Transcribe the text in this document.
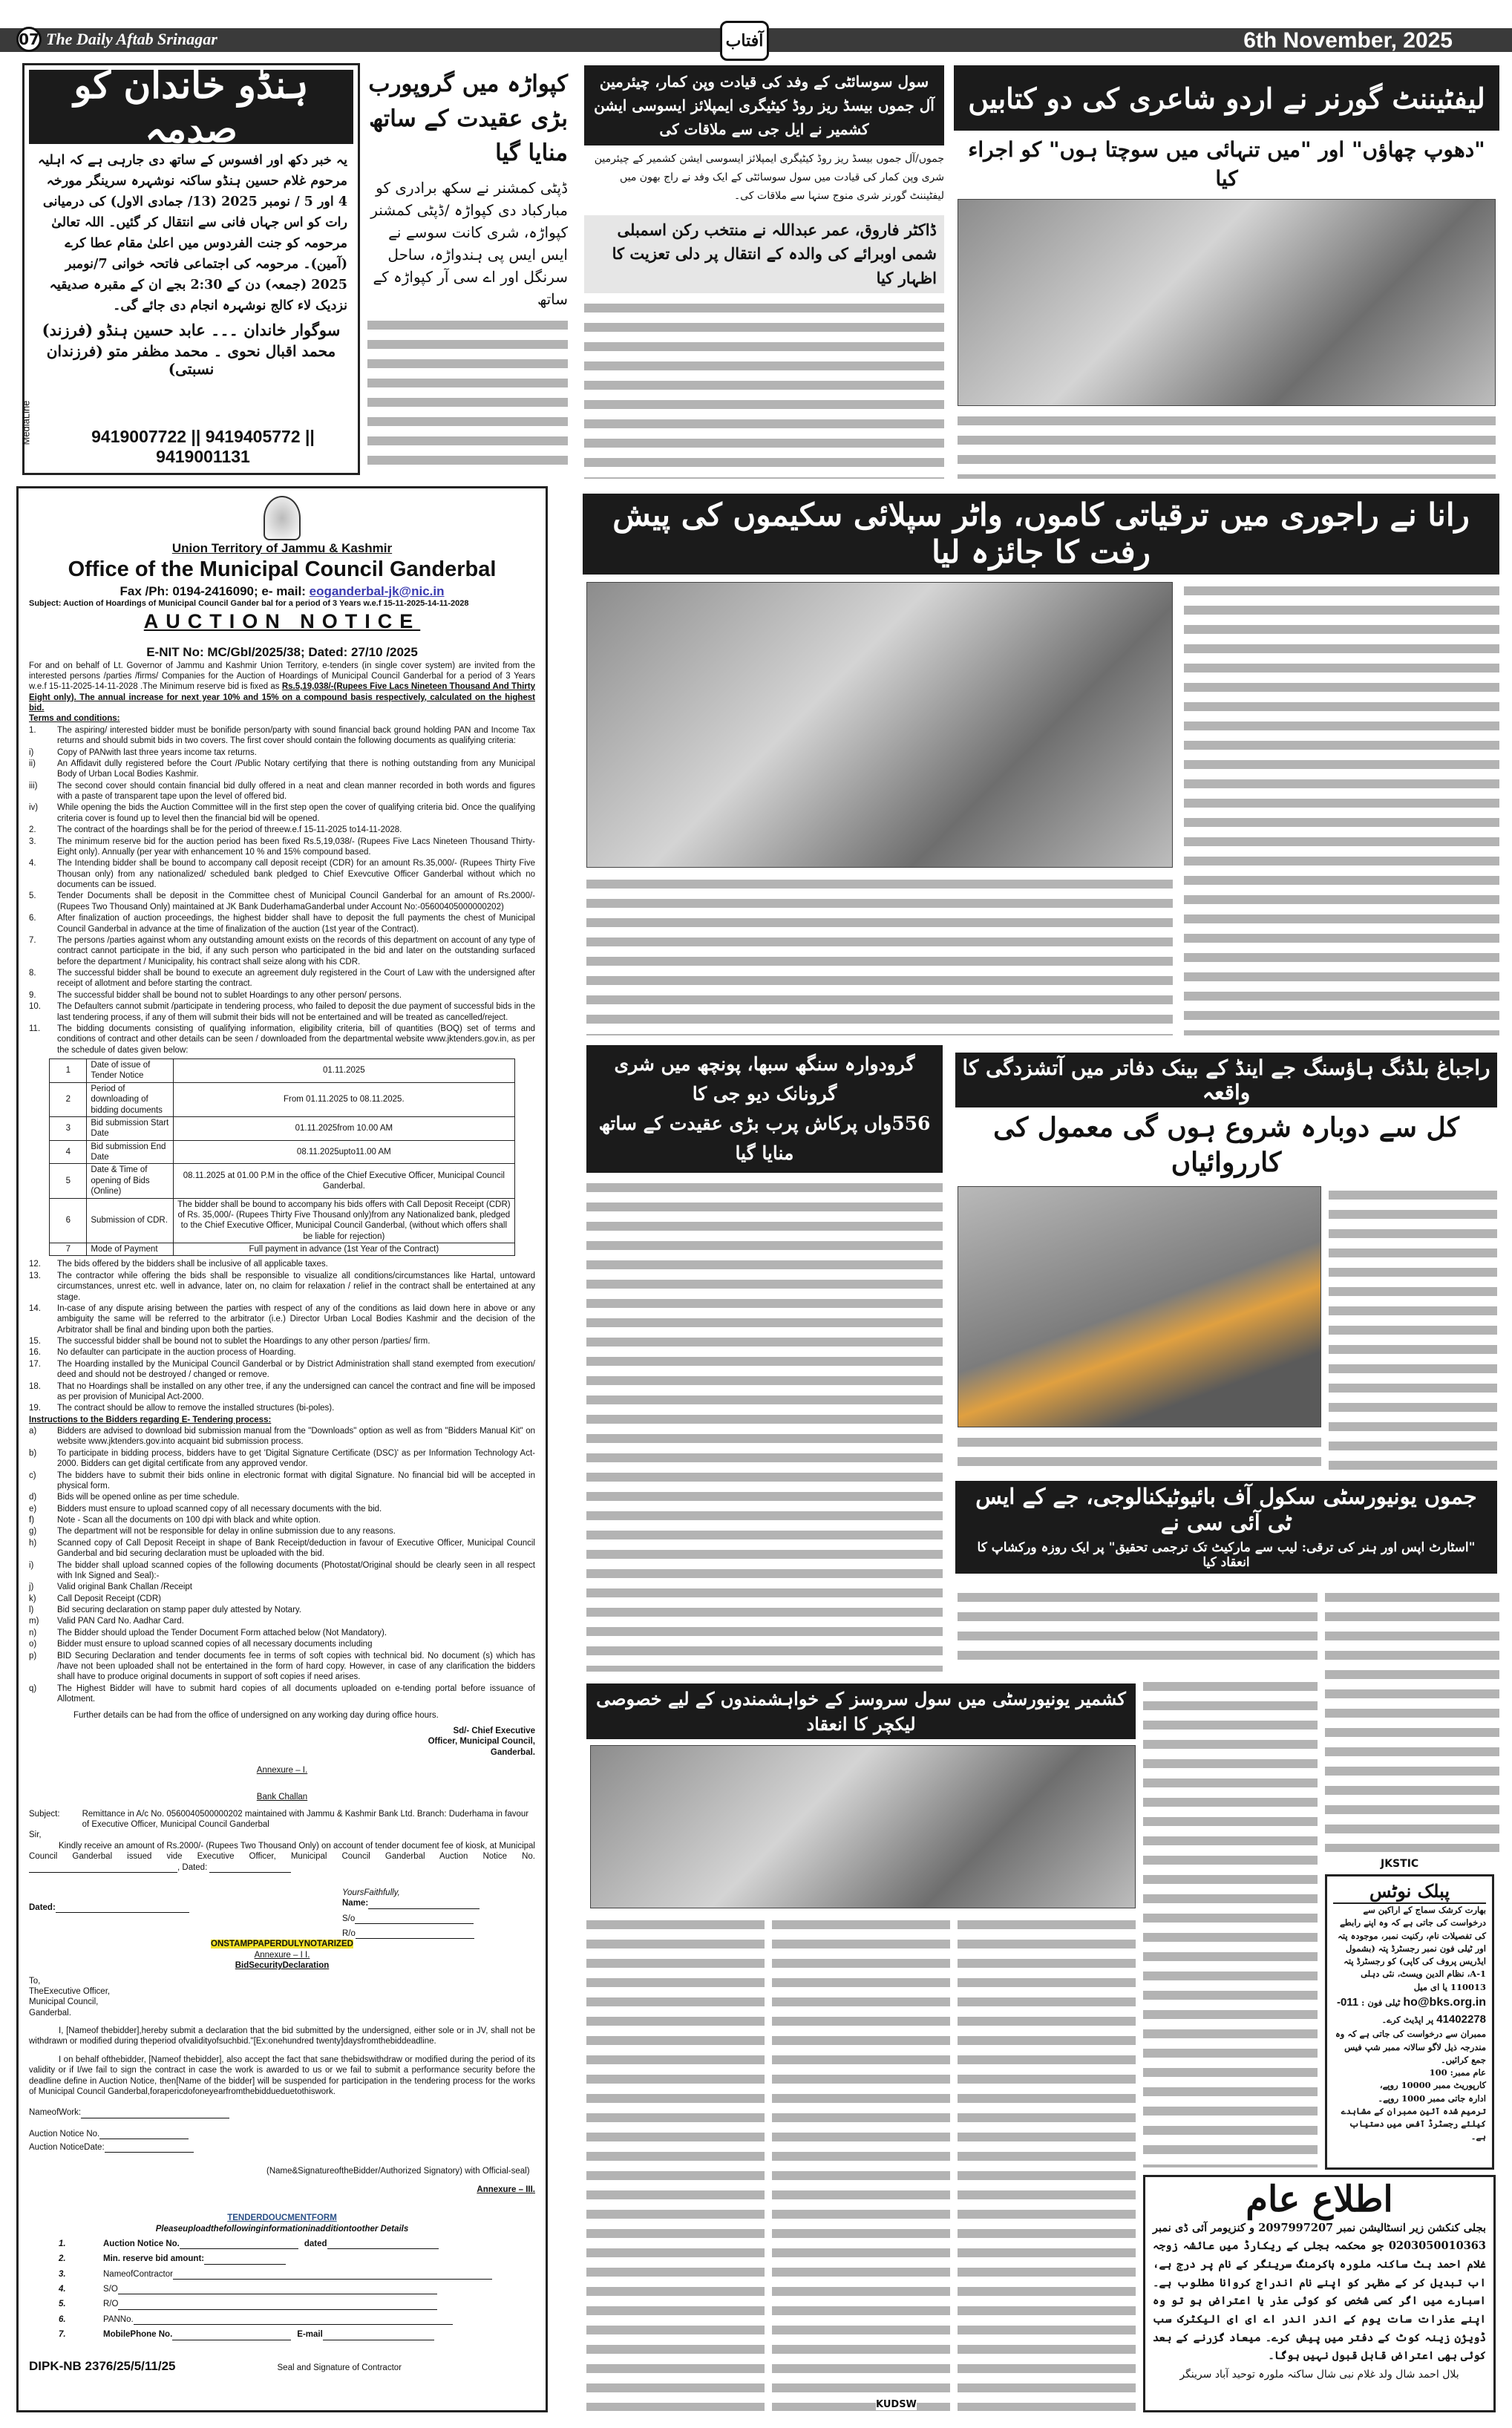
07 The Daily Aftab Srinagar	آفتاب	6th November, 2025
ہنڈو خاندان کو صدمہ
یہ خبر دکھ اور افسوس کے ساتھ دی جارہی ہے کہ اہلیہ مرحوم غلام حسین ہنڈو ساکنہ نوشہرہ سرینگر مورخہ 4 اور 5 / نومبر 2025 (13/ جمادی الاول) کی درمیانی رات کو اس جہاں فانی سے انتقال کر گئیں۔ اللہ تعالیٰ مرحومہ کو جنت الفردوس میں اعلیٰ مقام عطا کرے (آمین)۔ مرحومہ کی اجتماعی فاتحہ خوانی 7/نومبر 2025 (جمعہ) دن کے 2:30 بجے ان کے مقبرہ صدیقیہ نزدیک لاء کالج نوشہرہ انجام دی جائے گی۔
سوگوار خاندان ۔۔۔ عابد حسین ہنڈو (فرزند)
محمد اقبال نحوی ۔ محمد مظفر متو (فرزندان نسبتی)
9419007722 || 9419405772 || 9419001131
MediaLine
کپواڑہ میں گروپورب بڑی عقیدت کے ساتھ منایا گیا
ڈپٹی کمشنر نے سکھ برادری کو مبارکباد دی کپواڑہ /ڈپٹی کمشنر کپواڑہ، شری کانت سوسے نے ایس ایس پی ہندواڑہ، ساحل سرنگل اور اے سی آر کپواڑہ کے ساتھ
سول سوسائٹی کے وفد کی قیادت وپن کمار، چیئرمین آل جموں بیسڈ ریز روڈ کیٹیگری ایمپلائز ایسوسی ایشن کشمیر نے ایل جی سے ملاقات کی
جموں/آل جموں بیسڈ ریز روڈ کیٹیگری ایمپلائز ایسوسی ایشن کشمیر کے چیئرمین شری وپن کمار کی قیادت میں سول سوسائٹی کے ایک وفد نے راج بھون میں لیفٹیننٹ گورنر شری منوج سنہا سے ملاقات کی۔
ڈاکٹر فاروق، عمر عبداللہ نے منتخب رکن اسمبلی شمی اوبرائے کی والدہ کے انتقال پر دلی تعزیت کا اظہار کیا
لیفٹیننٹ گورنر نے اردو شاعری کی دو کتابیں
"دھوپ چھاؤں" اور "میں تنہائی میں سوچتا ہوں" کو اجراء کیا
Union Territory of Jammu & Kashmir
Office of the Municipal Council Ganderbal
Fax /Ph: 0194-2416090; e- mail: eoganderbal-jk@nic.in
Subject: Auction of Hoardings of Municipal Council Gander bal for a period of 3 Years w.e.f 15-11-2025-14-11-2028
AUCTION NOTICE
E-NIT No: MC/Gbl/2025/38; Dated: 27/10 /2025
For and on behalf of Lt. Governor of Jammu and Kashmir Union Territory, e-tenders (in single cover system) are invited from the interested persons /parties /firms/ Companies for the Auction of Hoardings of Municipal Council Ganderbal for a period of 3 Years w.e.f 15-11-2025-14-11-2028 .The Minimum reserve bid is fixed as Rs.5,19,038/-(Rupees Five Lacs Nineteen Thousand And Thirty Eight only). The annual increase for next year 10% and 15% on a compound basis respectively, calculated on the highest bid.
Terms and conditions:
1.	The aspiring/ interested bidder must be bonifide person/party with sound financial back ground holding PAN and Income Tax returns and should submit bids in two covers. The first cover should contain the following documents as qualifying criteria:
i)	Copy of PANwith last three years income tax returns.
ii)	An Affidavit dully registered before the Court /Public Notary certifying that there is nothing outstanding from any Municipal Body of Urban Local Bodies Kashmir.
iii)	The second cover should contain financial bid dully offered in a neat and clean manner recorded in both words and figures with a paste of transparent tape upon the level of offered bid.
iv)	While opening the bids the Auction Committee will in the first step open the cover of qualifying criteria bid. Once the qualifying criteria cover is found up to level then the financial bid will be opened.
2.	The contract of the hoardings shall be for the period of threew.e.f 15-11-2025 to14-11-2028.
3.	The minimum reserve bid for the auction period has been fixed Rs.5,19,038/- (Rupees Five Lacs Nineteen Thousand Thirty-Eight only). Annually (per year with enhancement 10 % and 15% compound based.
4.	The Intending bidder shall be bound to accompany call deposit receipt (CDR) for an amount Rs.35,000/- (Rupees Thirty Five Thousan only) from any nationalized/ scheduled bank pledged to Chief Exevcutive Officer Ganderbal without which no documents can be issued.
5.	Tender Documents shall be deposit in the Committee chest of Municipal Council Ganderbal for an amount of Rs.2000/-(Rupees Two Thousand Only) maintained at JK Bank DuderhamaGanderbal under Account No:-05600405000000202)
6.	After finalization of auction proceedings, the highest bidder shall have to deposit the full payments the chest of Municipal Council Ganderbal in advance at the time of finalization of the auction (1st year of the Contract).
7.	The persons /parties against whom any outstanding amount exists on the records of this department on account of any type of contract cannot participate in the bid, if any such person who participated in the bid and later on the outstanding surfaced before the department / Municipality, his contract shall seize along with his CDR.
8.	The successful bidder shall be bound to execute an agreement duly registered in the Court of Law with the undersigned after receipt of allotment and before starting the contract.
9.	The successful bidder shall be bound not to sublet Hoardings to any other person/ persons.
10.	The Defaulters cannot submit /participate in tendering process, who failed to deposit the due payment of successful bids in the last tendering process, if any of them will submit their bids will not be entertained and will be treated as cancelled/reject.
11.	The bidding documents consisting of qualifying information, eligibility criteria, bill of quantities (BOQ) set of terms and conditions of contract and other details can be seen / downloaded from the departmental website www.jktenders.gov.in, as per the schedule of dates given below:
1	Date of issue of Tender Notice	01.11.2025
2	Period of downloading of bidding documents	From 01.11.2025 to 08.11.2025.
3	Bid submission Start Date	01.11.2025from 10.00 AM
4	Bid submission End Date	08.11.2025upto11.00 AM
5	Date & Time of opening of Bids (Online)	08.11.2025 at 01.00 P.M in the office of the Chief Executive Officer, Municipal Council Ganderbal.
6	Submission of CDR.	The bidder shall be bound to accompany his bids offers with Call Deposit Receipt (CDR) of Rs. 35,000/- (Rupees Thirty Five Thousand only)from any Nationalized bank, pledged to the Chief Executive Officer, Municipal Council Ganderbal, (without which offers shall be liable for rejection)
7	Mode of Payment	Full payment in advance (1st Year of the Contract)
12.	The bids offered by the bidders shall be inclusive of all applicable taxes.
13.	The contractor while offering the bids shall be responsible to visualize all conditions/circumstances like Hartal, untoward circumstances, unrest etc. well in advance, later on, no claim for relaxation / relief in the contract shall be entertained at any stage.
14.	In-case of any dispute arising between the parties with respect of any of the conditions as laid down here in above or any ambiguity the same will be referred to the arbitrator (i.e.) Director Urban Local Bodies Kashmir and the decision of the Arbitrator shall be final and binding upon both the parties.
15.	The successful bidder shall be bound not to sublet the Hoardings to any other person /parties/ firm.
16.	No defaulter can participate in the auction process of Hoarding.
17.	The Hoarding installed by the Municipal Council Ganderbal or by District Administration shall stand exempted from execution/ deed and should not be destroyed / changed or remove.
18.	That no Hoardings shall be installed on any other tree, if any the undersigned can cancel the contract and fine will be imposed as per provision of Municipal Act-2000.
19.	The contract should be allow to remove the installed structures (bi-poles).
Instructions to the Bidders regarding E- Tendering process:
a)	Bidders are advised to download bid submission manual from the "Downloads" option as well as from "Bidders Manual Kit" on website www.jktenders.gov.into acquaint bid submission process.
b)	To participate in bidding process, bidders have to get 'Digital Signature Certificate (DSC)' as per Information Technology Act-2000. Bidders can get digital certificate from any approved vendor.
c)	The bidders have to submit their bids online in electronic format with digital Signature. No financial bid will be accepted in physical form.
d)	Bids will be opened online as per time schedule.
e)	Bidders must ensure to upload scanned copy of all necessary documents with the bid.
f)	Note - Scan all the documents on 100 dpi with black and white option.
g)	The department will not be responsible for delay in online submission due to any reasons.
h)	Scanned copy of Call Deposit Receipt in shape of Bank Receipt/deduction in favour of Executive Officer, Municipal Council Ganderbal and bid securing declaration must be uploaded with the bid.
i)	The bidder shall upload scanned copies of the following documents (Photostat/Original should be clearly seen in all respect with Ink Signed and Seal):-
j)	Valid original Bank Challan /Receipt
k)	Call Deposit Receipt (CDR)
l)	Bid securing declaration on stamp paper duly attested by Notary.
m)	Valid PAN Card No. Aadhar Card.
n)	The Bidder should upload the Tender Document Form attached below (Not Mandatory).
o)	Bidder must ensure to upload scanned copies of all necessary documents including
p)	BID Securing Declaration and tender documents fee in terms of soft copies with technical bid. No document (s) which has /have not been uploaded shall not be entertained in the form of hard copy. However, in case of any clarification the bidders shall have to produce original documents in support of soft copies if need arises.
q)	The Highest Bidder will have to submit hard copies of all documents uploaded on e-tending portal before issuance of Allotment.
Further details can be had from the office of undersigned on any working day during office hours.
Sd/- Chief Executive Officer, Municipal Council, Ganderbal.
Annexure – I.
Bank Challan
Subject:	Remittance in A/c No. 0560040500000202 maintained with Jammu & Kashmir Bank Ltd. Branch: Duderhama in favour of Executive Officer, Municipal Council Ganderbal
Sir,
Kindly receive an amount of Rs.2000/- (Rupees Two Thousand Only) on account of tender document fee of kiosk, at Municipal Council Ganderbal issued vide Executive Officer, Municipal Council Ganderbal Auction Notice No. , Dated:
Dated:
YoursFaithfully,
Name:
S/o
R/o
ONSTAMPPAPERDULYNOTARIZED
Annexure – I I.
BidSecurityDeclaration
To,
TheExecutive Officer,
Municipal Council,
Ganderbal.
I, [Nameof thebidder],hereby submit a declaration that the bid submitted by the undersigned, either sole or in JV, shall not be withdrawn or modified during theperiod ofvalidityofsuchbid."[Ex:onehundred twenty]daysfromthebiddeadline.
I on behalf ofthebidder, [Nameof thebidder], also accept the fact that sane thebidswithdraw or modified during the period of its validity or if I/we fail to sign the contract in case the work is awarded to us or we fail to submit a performance security before the deadline define in Auction Notice, then[Name of the bidder] will be suspended for participation in the tendering process for the works of Municipal Council Ganderbal,forapericdofoneyearfromthebiddueduetothiswork.
NameofWork:
Auction Notice No.
Auction NoticeDate:
(Name&SignatureoftheBidder/Authorized Signatory) with Official-seal)
Annexure – III.
TENDERDOUCMENTFORM
Pleaseuploadthefollowinginformationinadditiontoother Details
1.	Auction Notice No.	dated
2.	Min. reserve bid amount:
3.	NameofContractor
4.	S/O
5.	R/O
6.	PANNo.
7.	MobilePhone No.	E-mail
DIPK-NB 2376/25/5/11/25	Seal and Signature of Contractor
رانا نے راجوری میں ترقیاتی کاموں، واٹر سپلائی سکیموں کی پیش رفت کا جائزہ لیا
گرودوارہ سنگھ سبھا، پونچھ میں شری گرونانک دیو جی کا
556واں پرکاش پرب بڑی عقیدت کے ساتھ منایا گیا
راجباغ بلڈنگ ہاؤسنگ جے اینڈ کے بینک دفاتر میں آتشزدگی کا واقعہ
کل سے دوبارہ شروع ہوں گی معمول کی کارروائیاں
جموں یونیورسٹی سکول آف بائیوٹیکنالوجی، جے کے ایس ٹی آئی سی نے
"اسٹارٹ اپس اور ہنر کی ترقی: لیب سے مارکیٹ تک ترجمی تحقیق" پر ایک روزہ ورکشاپ کا انعقاد کیا
JKSTIC
پبلک نوٹس
بھارت کرشک سماج کے اراکین سے درخواست کی جاتی ہے کہ وہ اپنے رابطے کی تفصیلات نام، رکنیت نمبر، موجودہ پتہ اور ٹیلی فون نمبر رجسٹرڈ پتہ (بشمول ایڈریس پروف کی کاپی) کو رجسٹرڈ پتہ A-1، نظام الدین ویسٹ، نئی دہلی 110013 یا ای میل ho@bks.org.in ٹیلی فون : 011-41402278 پر اپڈیٹ کرے۔
ممبران سے درخواست کی جاتی ہے کہ وہ مندرجہ ذیل لاگو سالانہ ممبر شپ فیس جمع کرائیں۔
عام ممبر: 100
کارپوریٹ ممبر 10000 روپے،
ادارہ جاتی ممبر 1000 روپے۔
ترمیم شدہ آئین ممبران کے مشاہدے کیلئے رجسٹرڈ آفس میں دستیاب ہے۔
اطلاع عام
بجلی کنکشن زیر انسٹالیشن نمبر 2097997207 و کنزیومر آئی ڈی نمبر 0203050010363 جو محکمہ بجلی کے ریکارڈ میں عائشہ زوجہ غلام احمد بٹ ساکنہ ملورہ ہاکرمنگ سرینگر کے نام پر درج ہے، اب تبدیل کر کے مظہر کو اپنے نام اندراج کروانا مطلوب ہے۔ اسبارے میں اگر کسی شخص کو کوئی عذر یا اعتراض ہو تو وہ اپنے عذرات سات یوم کے اندر اندر اے ای ای الیکٹرک سب ڈویژن زینہ کوٹ کے دفتر میں پیش کرے۔ میعاد گزرنے کے بعد کوئی بھی اعتراض قابل قبول نہیں ہوگا۔
بلال احمد شال ولد غلام نبی شال ساکنہ ملورہ توحید آباد سرینگر
کشمیر یونیورسٹی میں سول سروسز کے خواہشمندوں کے لیے خصوصی لیکچر کا انعقاد
KUDSW
